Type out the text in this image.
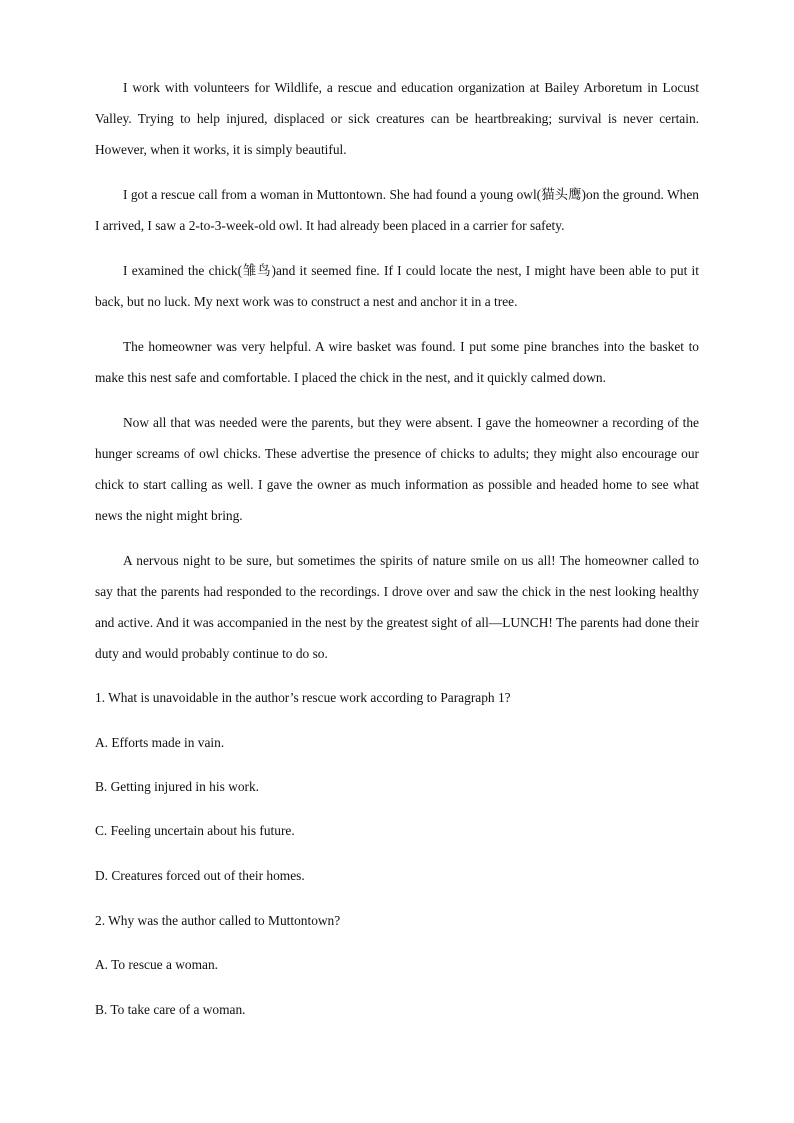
I work with volunteers for Wildlife, a rescue and education organization at Bailey Arboretum in Locust Valley. Trying to help injured, displaced or sick creatures can be heartbreaking; survival is never certain. However, when it works, it is simply beautiful.

I got a rescue call from a woman in Muttontown. She had found a young owl(猫头鹰)on the ground. When I arrived, I saw a 2-to-3-week-old owl. It had already been placed in a carrier for safety.

I examined the chick(雏鸟)and it seemed fine. If I could locate the nest, I might have been able to put it back, but no luck. My next work was to construct a nest and anchor it in a tree.

The homeowner was very helpful. A wire basket was found. I put some pine branches into the basket to make this nest safe and comfortable. I placed the chick in the nest, and it quickly calmed down.

Now all that was needed were the parents, but they were absent. I gave the homeowner a recording of the hunger screams of owl chicks. These advertise the presence of chicks to adults; they might also encourage our chick to start calling as well. I gave the owner as much information as possible and headed home to see what news the night might bring.

A nervous night to be sure, but sometimes the spirits of nature smile on us all! The homeowner called to say that the parents had responded to the recordings. I drove over and saw the chick in the nest looking healthy and active. And it was accompanied in the nest by the greatest sight of all—LUNCH! The parents had done their duty and would probably continue to do so.

1. What is unavoidable in the author’s rescue work according to Paragraph 1?

A. Efforts made in vain.

B. Getting injured in his work.

C. Feeling uncertain about his future.

D. Creatures forced out of their homes.

2. Why was the author called to Muttontown?

A. To rescue a woman.

B. To take care of a woman.
